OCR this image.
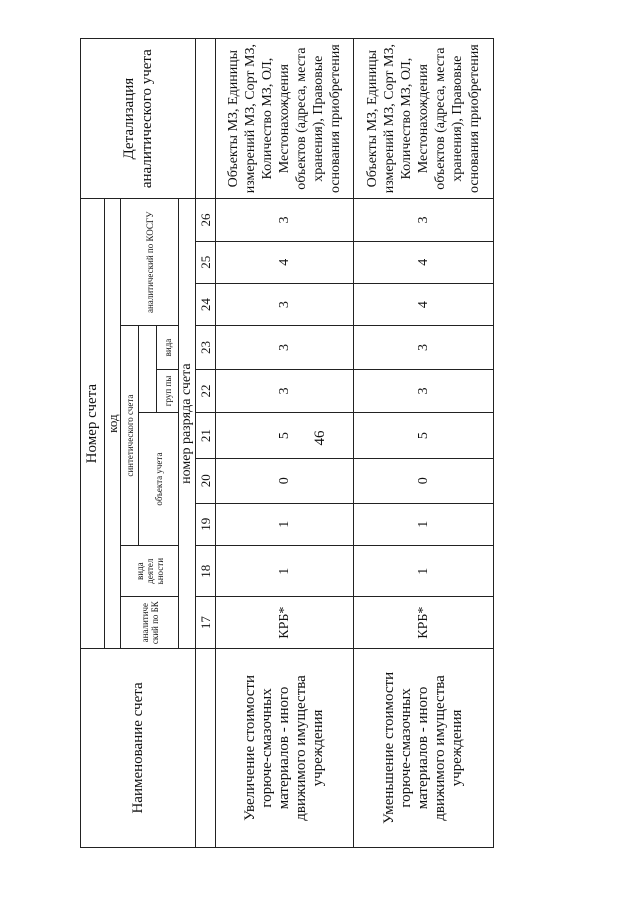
46
Наименование счета	Номер счета										Детализация аналитического учета
	код										
	аналитиче ский по БК	вида деятел ьности	синтетического счета					аналитический по КОСГУ			
			объекта учета								
						груп пы	вида				
	номер разряда счета										
	17	18	19	20	21	22	23	24	25	26	
Увеличение стоимости горюче-смазочных материалов - иного движимого имущества учреждения	КРБ*	1	1	0	5	3	3	3	4	3	Объекты МЗ, Единицы измерений МЗ, Сорт МЗ, Количество МЗ, ОЛ, Местонахождения объектов (адреса, места хранения), Правовые основания приобретения
Уменьшение стоимости горюче-смазочных материалов - иного движимого имущества учреждения	КРБ*	1	1	0	5	3	3	4	4	3	Объекты МЗ, Единицы измерений МЗ, Сорт МЗ, Количество МЗ, ОЛ, Местонахождения объектов (адреса, места хранения), Правовые основания приобретения
